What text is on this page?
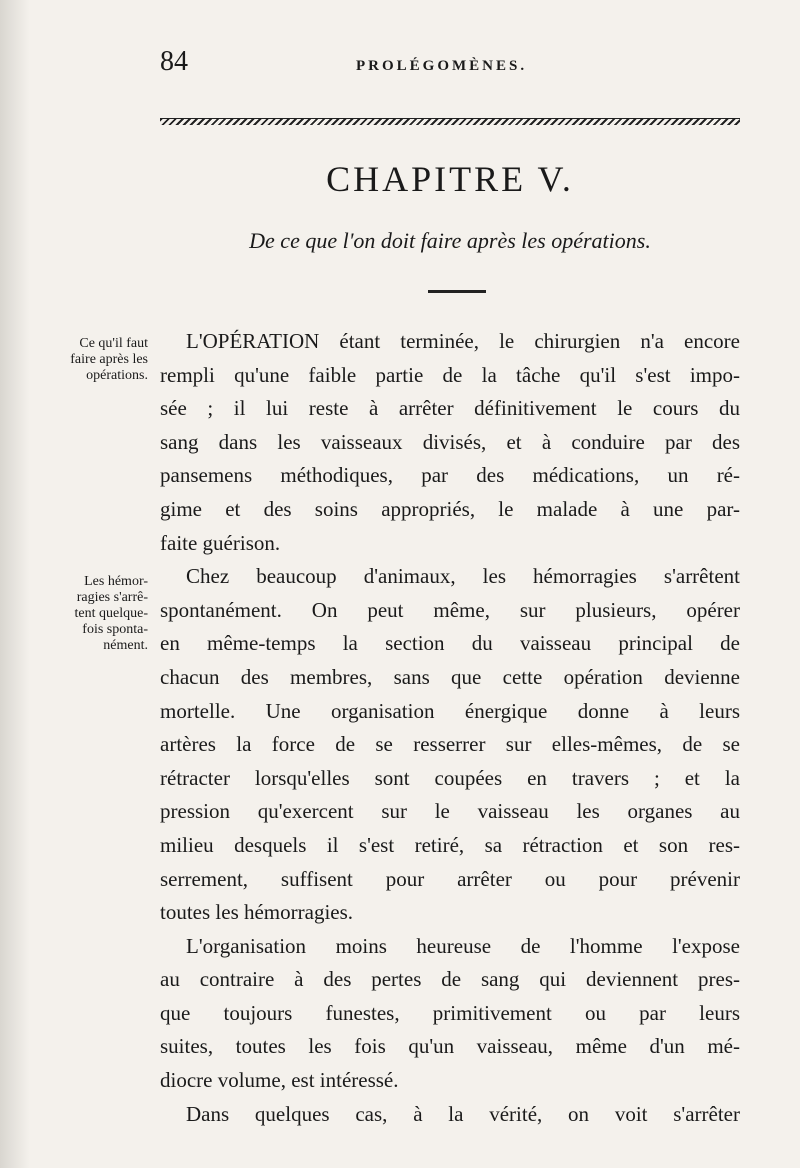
84	PROLÉGOMÈNES.
CHAPITRE V.
De ce que l'on doit faire après les opérations.
Ce qu'il faut
faire après les
opérations.
Les hémor-
ragies s'arrê-
tent quelque-
fois sponta-
nément.
L'OPÉRATION étant terminée, le chirurgien n'a encore
rempli qu'une faible partie de la tâche qu'il s'est impo-
sée ; il lui reste à arrêter définitivement le cours du
sang dans les vaisseaux divisés, et à conduire par des
pansemens méthodiques, par des médications, un ré-
gime et des soins appropriés, le malade à une par-
faite guérison.
Chez beaucoup d'animaux, les hémorragies s'arrêtent
spontanément. On peut même, sur plusieurs, opérer
en même-temps la section du vaisseau principal de
chacun des membres, sans que cette opération devienne
mortelle. Une organisation énergique donne à leurs
artères la force de se resserrer sur elles-mêmes, de se
rétracter lorsqu'elles sont coupées en travers ; et la
pression qu'exercent sur le vaisseau les organes au
milieu desquels il s'est retiré, sa rétraction et son res-
serrement, suffisent pour arrêter ou pour prévenir
toutes les hémorragies.
L'organisation moins heureuse de l'homme l'expose
au contraire à des pertes de sang qui deviennent pres-
que toujours funestes, primitivement ou par leurs
suites, toutes les fois qu'un vaisseau, même d'un mé-
diocre volume, est intéressé.
Dans quelques cas, à la vérité, on voit s'arrêter
